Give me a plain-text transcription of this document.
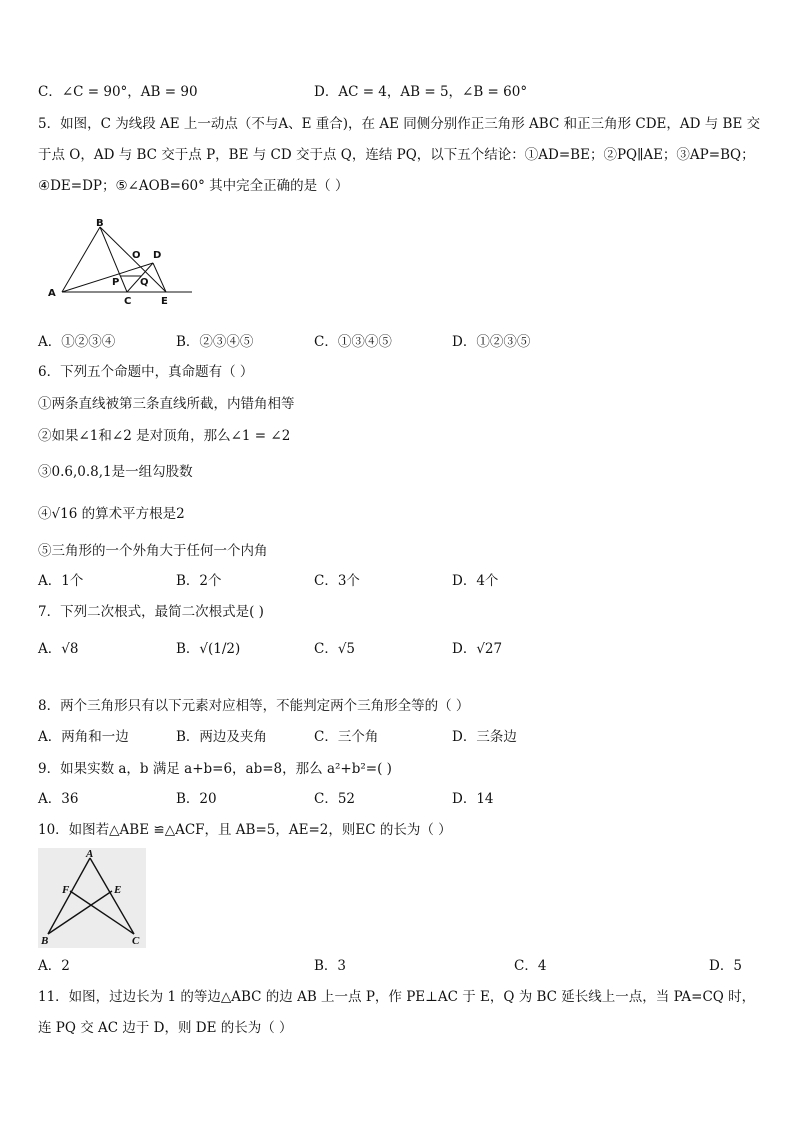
C．∠C = 90°，AB = 90	D．AC = 4，AB = 5，∠B = 60°
5．如图，C 为线段 AE 上一动点（不与A、E 重合)，在 AE 同侧分别作正三角形 ABC 和正三角形 CDE，AD 与 BE 交
于点 O，AD 与 BC 交于点 P，BE 与 CD 交于点 Q，连结 PQ，以下五个结论：①AD=BE；②PQ∥AE；③AP=BQ；
④DE=DP；⑤∠AOB=60° 其中完全正确的是（ ）
B
A
C	E
D
O
P Q
A．①②③④	B．②③④⑤	C．①③④⑤	D．①②③⑤
6．下列五个命题中，真命题有（ ）
①两条直线被第三条直线所截，内错角相等
②如果∠1和∠2 是对顶角，那么∠1 = ∠2
③0.6,0.8,1是一组勾股数
④√16 的算术平方根是2
⑤三角形的一个外角大于任何一个内角
A．1个	B．2个	C．3个	D．4个
7．下列二次根式，最简二次根式是( )
A．√8	B．√(1/2)	C．√5	D．√27
8．两个三角形只有以下元素对应相等，不能判定两个三角形全等的（ ）
A．两角和一边	B．两边及夹角	C．三个角	D．三条边
9．如果实数 a，b 满足 a+b=6，ab=8，那么 a²+b²=( )
A．36	B．20	C．52	D．14
10．如图若△ABE ≌△ACF，且 AB=5，AE=2，则EC 的长为（ ）
A
F	E
B	C
A．2	B．3	C．4	D．5
11．如图，过边长为 1 的等边△ABC 的边 AB 上一点 P，作 PE⊥AC 于 E，Q 为 BC 延长线上一点，当 PA=CQ 时，
连 PQ 交 AC 边于 D，则 DE 的长为（ ）
